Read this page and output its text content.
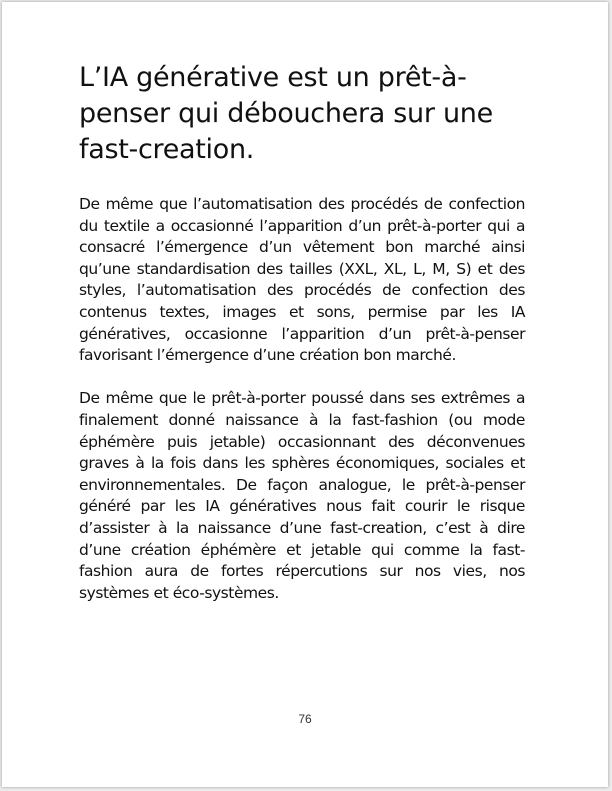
L’IA générative est un prêt-à-penser qui débouchera sur une fast-creation.

De même que l’automatisation des procédés de confection du textile a occasionné l’apparition d’un prêt-à-porter qui a consacré l’émergence d’un vêtement bon marché ainsi qu’une standardisation des tailles (XXL, XL, L, M, S) et des styles, l’automatisation des procédés de confection des contenus textes, images et sons, permise par les IA génératives, occasionne l’apparition d’un prêt-à-penser favorisant l’émergence d’une création bon marché.

De même que le prêt-à-porter poussé dans ses extrêmes a finalement donné naissance à la fast-fashion (ou mode éphémère puis jetable) occasionnant des déconvenues graves à la fois dans les sphères économiques, sociales et environnementales. De façon analogue, le prêt-à-penser généré par les IA génératives nous fait courir le risque d’assister à la naissance d’une fast-creation, c’est à dire d’une création éphémère et jetable qui comme la fast-fashion aura de fortes répercutions sur nos vies, nos systèmes et éco-systèmes.

76
